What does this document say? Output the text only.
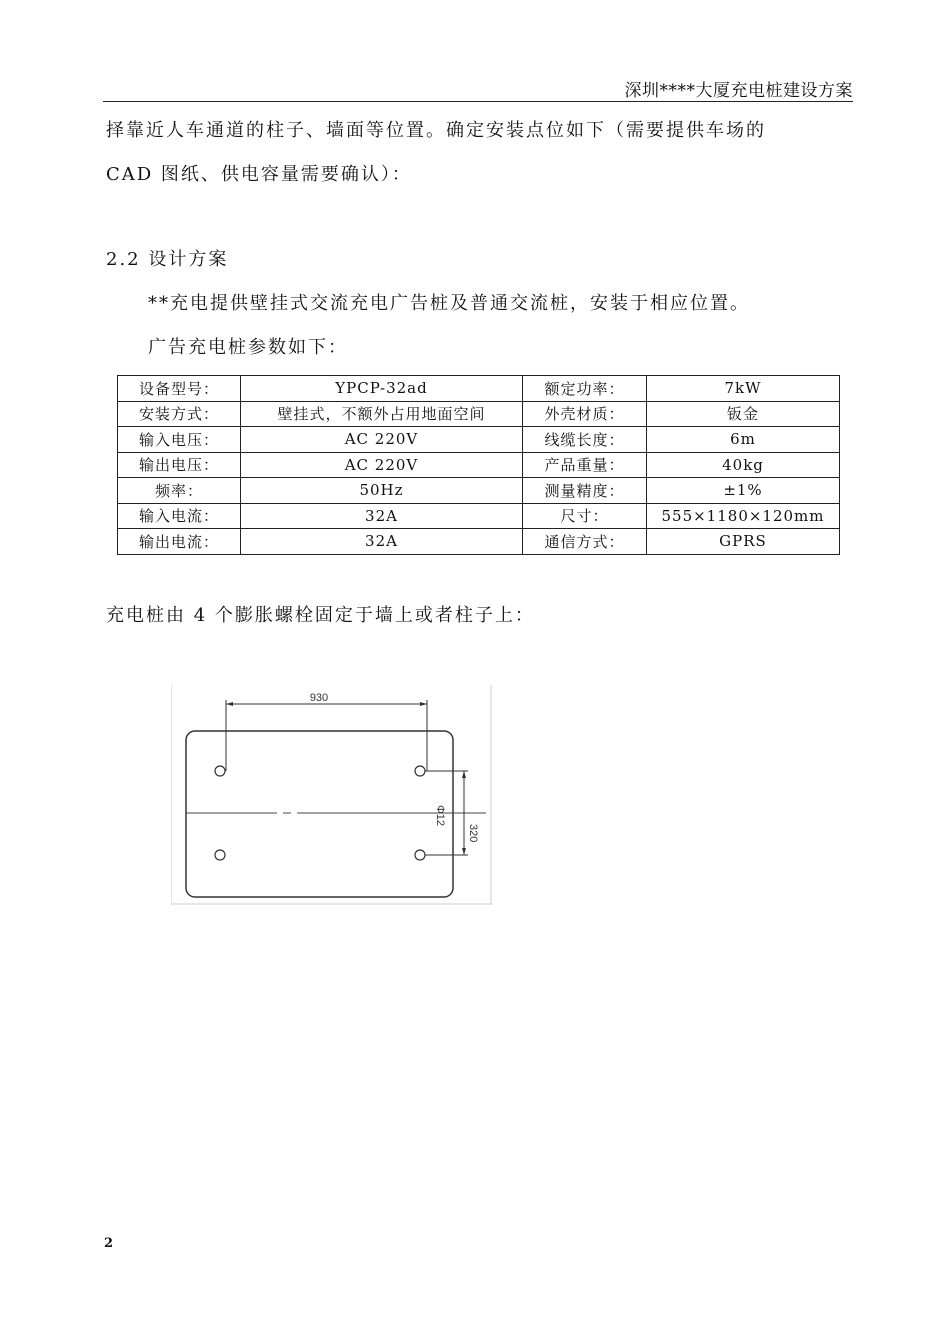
深圳****大厦充电桩建设方案
择靠近人车通道的柱子、墙面等位置。确定安装点位如下（需要提供车场的
CAD 图纸、供电容量需要确认）：
2.2 设计方案
**充电提供壁挂式交流充电广告桩及普通交流桩，安装于相应位置。
广告充电桩参数如下：
设备型号：	YPCP-32ad	额定功率：	7kW
安装方式：	壁挂式，不额外占用地面空间	外壳材质：	钣金
输入电压：	AC 220V	线缆长度：	6m
输出电压：	AC 220V	产品重量：	40kg
频率：	50Hz	测量精度：	±1%
输入电流：	32A	尺寸：	555×1180×120mm
输出电流：	32A	通信方式：	GPRS
充电桩由 4 个膨胀螺栓固定于墙上或者柱子上：
930
320
Φ12
2
